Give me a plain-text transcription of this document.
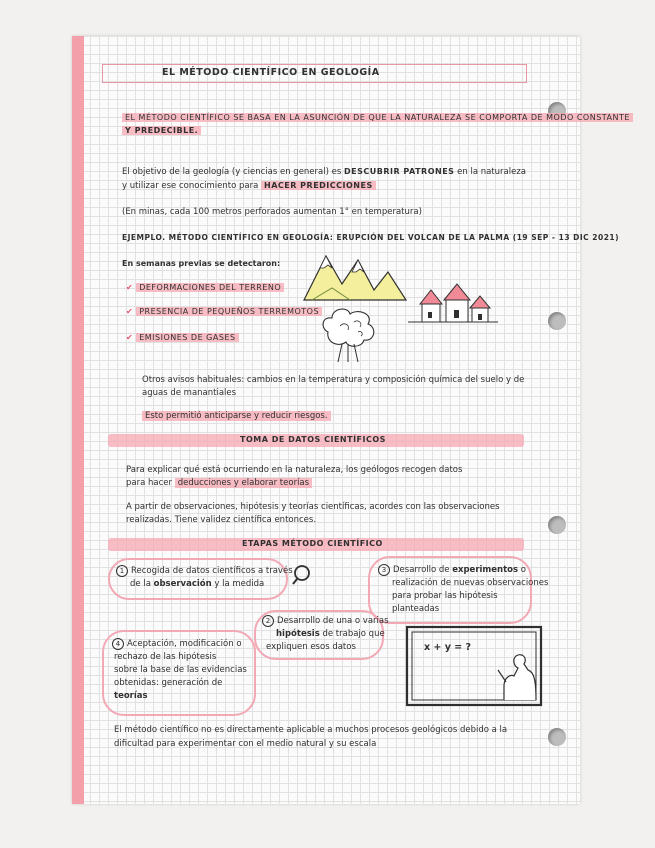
EL MÉTODO CIENTÍFICO EN GEOLOGÍA
EL MÉTODO CIENTÍFICO SE BASA EN LA ASUNCIÓN DE QUE LA NATURALEZA SE COMPORTA DE MODO CONSTANTE
Y PREDECIBLE.
El objetivo de la geología (y ciencias en general) es DESCUBRIR PATRONES en la naturaleza
y utilizar ese conocimiento para HACER PREDICCIONES
(En minas, cada 100 metros perforados aumentan 1° en temperatura)
EJEMPLO. MÉTODO CIENTÍFICO EN GEOLOGÍA: ERUPCIÓN DEL VOLCAN DE LA PALMA (19 SEP - 13 DIC 2021)
En semanas previas se detectaron:
✔ DEFORMACIONES DEL TERRENO
✔ PRESENCIA DE PEQUEÑOS TERREMOTOS
✔ EMISIONES DE GASES
Otros avisos habituales: cambios en la temperatura y composición química del suelo y de
aguas de manantiales
Esto permitió anticiparse y reducir riesgos.
TOMA DE DATOS CIENTÍFICOS
Para explicar qué está ocurriendo en la naturaleza, los geólogos recogen datos
para hacer deducciones y elaborar teorías
A partir de observaciones, hipótesis y teorías científicas, acordes con las observaciones
realizadas. Tiene validez científica entonces.
ETAPAS MÉTODO CIENTÍFICO
1 Recogida de datos científicos a través
de la observación y la medida
3 Desarrollo de experimentos o
realización de nuevas observaciones
para probar las hipótesis
planteadas
2 Desarrollo de una o varias
hipótesis de trabajo que
expliquen esos datos
4 Aceptación, modificación o
rechazo de las hipótesis
sobre la base de las evidencias
obtenidas: generación de
teorías
x + y = ?
El método científico no es directamente aplicable a muchos procesos geológicos debido a la
dificultad para experimentar con el medio natural y su escala
